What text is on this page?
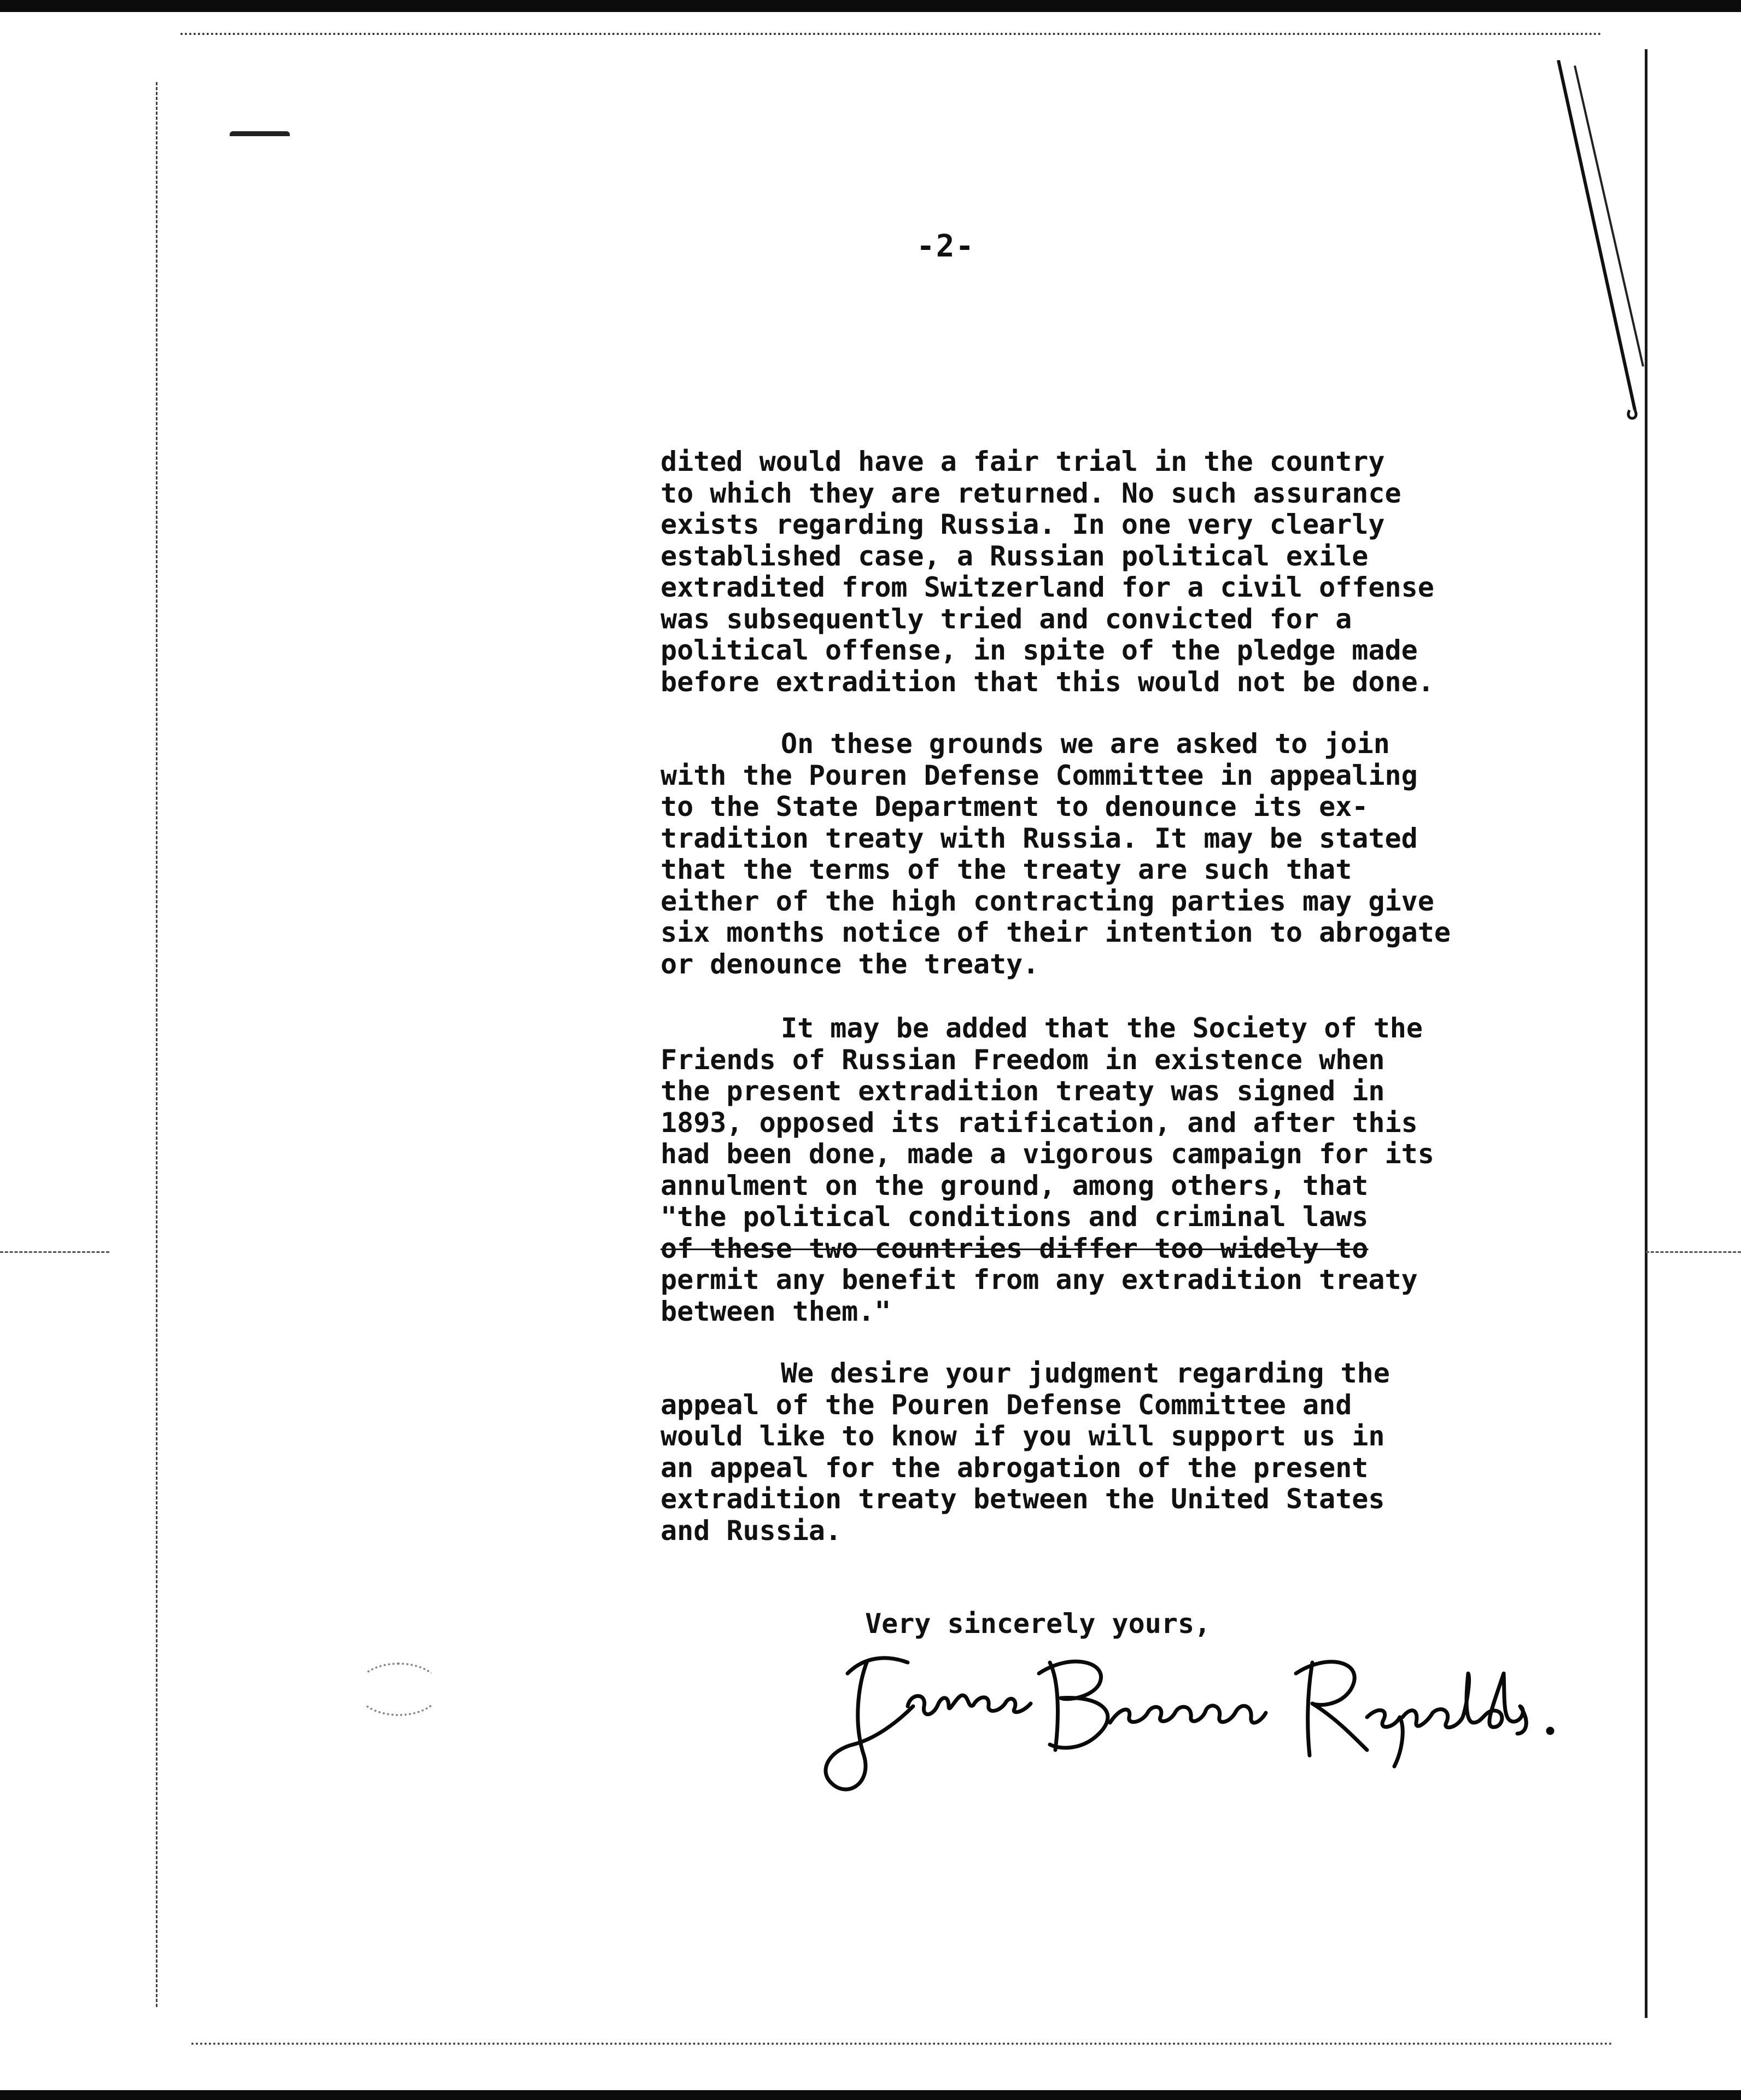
-2-
dited would have a fair trial in the country
to which they are returned. No such assurance
exists regarding Russia. In one very clearly
established case, a Russian political exile
extradited from Switzerland for a civil offense
was subsequently tried and convicted for a
political offense, in spite of the pledge made
before extradition that this would not be done.
On these grounds we are asked to join
with the Pouren Defense Committee in appealing
to the State Department to denounce its ex-
tradition treaty with Russia. It may be stated
that the terms of the treaty are such that
either of the high contracting parties may give
six months notice of their intention to abrogate
or denounce the treaty.
It may be added that the Society of the
Friends of Russian Freedom in existence when
the present extradition treaty was signed in
1893, opposed its ratification, and after this
had been done, made a vigorous campaign for its
annulment on the ground, among others, that
"the political conditions and criminal laws
of these two countries differ too widely to
permit any benefit from any extradition treaty
between them."
We desire your judgment regarding the
appeal of the Pouren Defense Committee and
would like to know if you will support us in
an appeal for the abrogation of the present
extradition treaty between the United States
and Russia.
Very sincerely yours,
